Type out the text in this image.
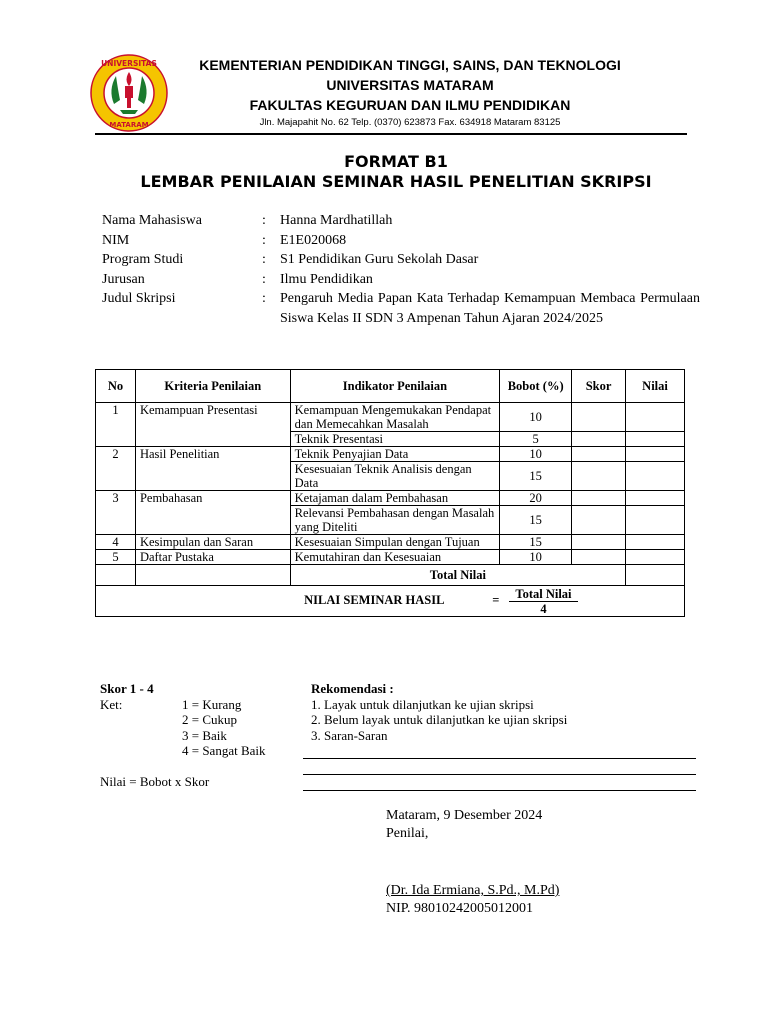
UNIVERSITAS
MATARAM
KEMENTERIAN PENDIDIKAN TINGGI, SAINS, DAN TEKNOLOGI
UNIVERSITAS MATARAM
FAKULTAS KEGURUAN DAN ILMU PENDIDIKAN
Jln. Majapahit No. 62 Telp. (0370) 623873 Fax. 634918 Mataram 83125
FORMAT B1
LEMBAR PENILAIAN SEMINAR HASIL PENELITIAN SKRIPSI
Nama Mahasiswa	:	Hanna Mardhatillah
NIM	:	E1E020068
Program Studi	:	S1 Pendidikan Guru Sekolah Dasar
Jurusan	:	Ilmu Pendidikan
Judul Skripsi	:	Pengaruh Media Papan Kata Terhadap Kemampuan Membaca Permulaan Siswa Kelas II SDN 3 Ampenan Tahun Ajaran 2024/2025
No	Kriteria Penilaian	Indikator Penilaian	Bobot (%)	Skor	Nilai
1	Kemampuan Presentasi	Kemampuan Mengemukakan Pendapat dan Memecahkan Masalah	10		
		Teknik Presentasi	5		
2	Hasil Penelitian	Teknik Penyajian Data	10		
		Kesesuaian Teknik Analisis dengan Data	15		
3	Pembahasan	Ketajaman dalam Pembahasan	20		
		Relevansi Pembahasan dengan Masalah yang Diteliti	15		
4	Kesimpulan dan Saran	Kesesuaian Simpulan dengan Tujuan	15		
5	Daftar Pustaka	Kemutahiran dan Kesesuaian	10		
		Total Nilai			
NILAI SEMINAR HASIL = $\frac{\text{Total Nilai}}{4}$
Skor 1 - 4
Ket:	1 = Kurang
2 = Cukup
3 = Baik
4 = Sangat Baik
Nilai = Bobot x Skor
Rekomendasi :
1. Layak untuk dilanjutkan ke ujian skripsi
2. Belum layak untuk dilanjutkan ke ujian skripsi
3. Saran-Saran
Mataram, 9 Desember 2024
Penilai,
(Dr. Ida Ermiana, S.Pd., M.Pd)
NIP. 98010242005012001
